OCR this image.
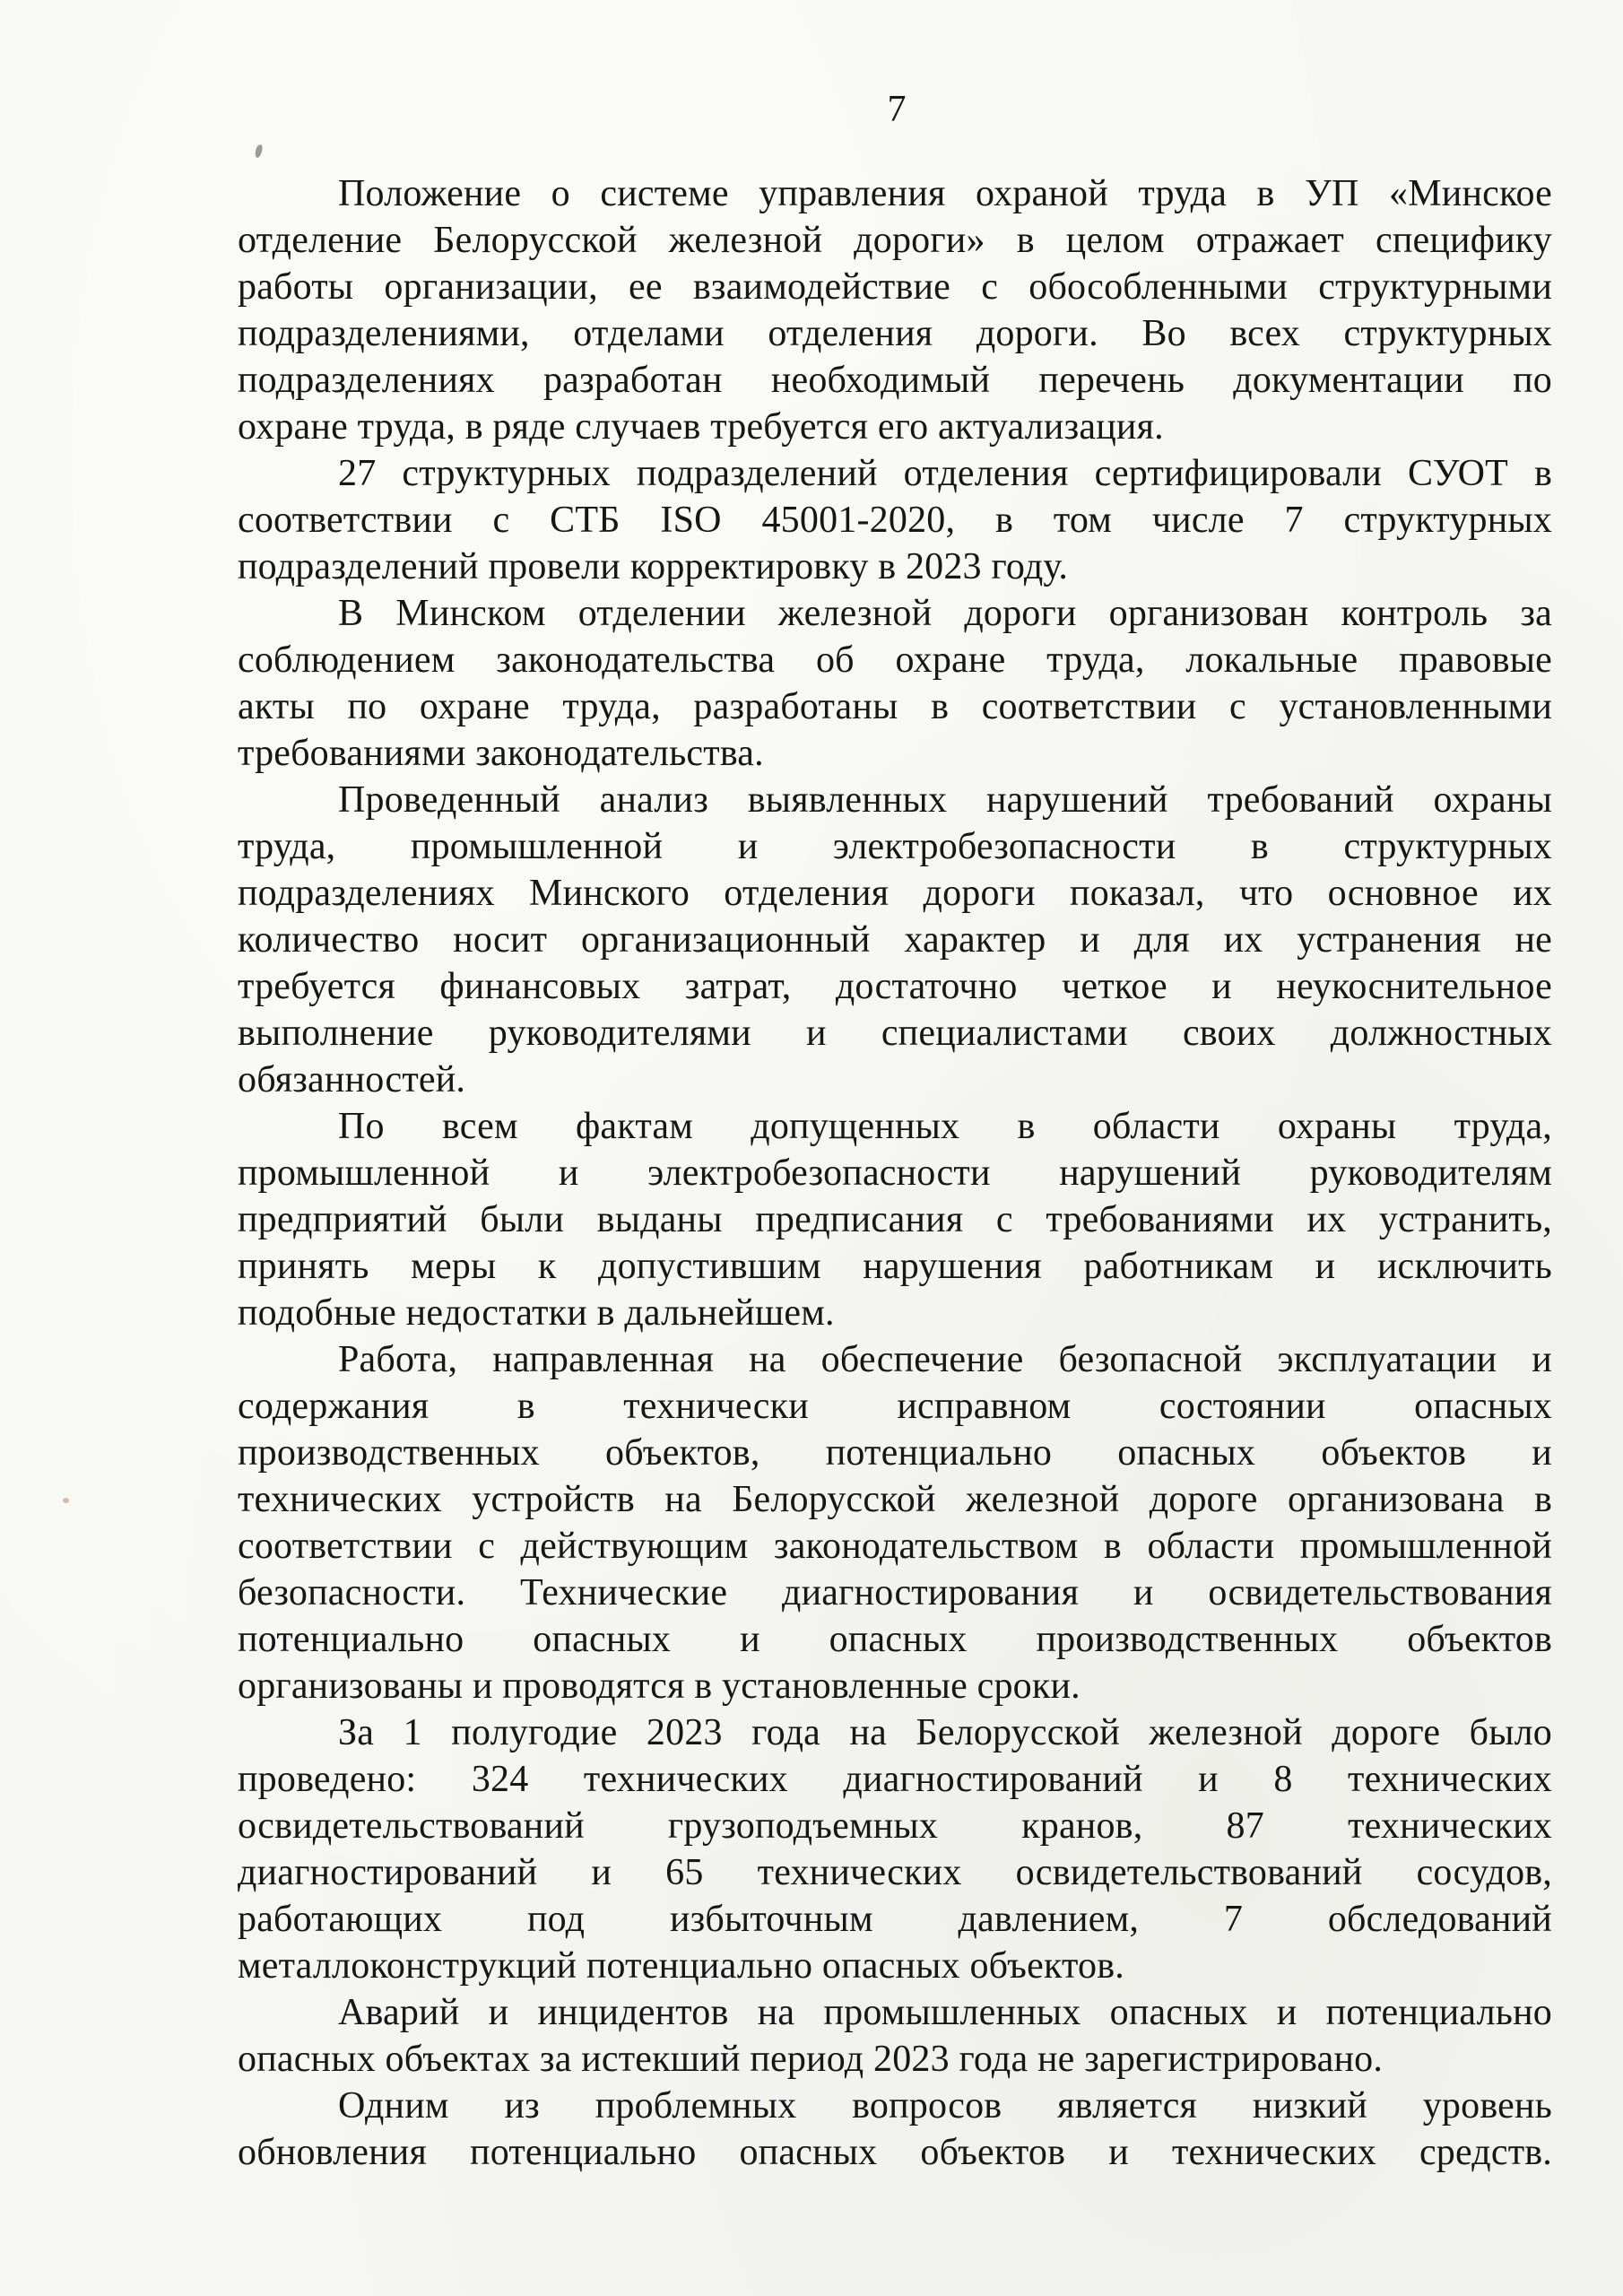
7
Положение о системе управления охраной труда в УП «Минское
отделение Белорусской железной дороги» в целом отражает специфику
работы организации, ее взаимодействие с обособленными структурными
подразделениями, отделами отделения дороги. Во всех структурных
подразделениях разработан необходимый перечень документации по
охране труда, в ряде случаев требуется его актуализация.
27 структурных подразделений отделения сертифицировали СУОТ в
соответствии с СТБ ISO 45001-2020, в том числе 7 структурных
подразделений провели корректировку в 2023 году.
В Минском отделении железной дороги организован контроль за
соблюдением законодательства об охране труда, локальные правовые
акты по охране труда, разработаны в соответствии с установленными
требованиями законодательства.
Проведенный анализ выявленных нарушений требований охраны
труда, промышленной и электробезопасности в структурных
подразделениях Минского отделения дороги показал, что основное их
количество носит организационный характер и для их устранения не
требуется финансовых затрат, достаточно четкое и неукоснительное
выполнение руководителями и специалистами своих должностных
обязанностей.
По всем фактам допущенных в области охраны труда,
промышленной и электробезопасности нарушений руководителям
предприятий были выданы предписания с требованиями их устранить,
принять меры к допустившим нарушения работникам и исключить
подобные недостатки в дальнейшем.
Работа, направленная на обеспечение безопасной эксплуатации и
содержания в технически исправном состоянии опасных
производственных объектов, потенциально опасных объектов и
технических устройств на Белорусской железной дороге организована в
соответствии с действующим законодательством в области промышленной
безопасности. Технические диагностирования и освидетельствования
потенциально опасных и опасных производственных объектов
организованы и проводятся в установленные сроки.
За 1 полугодие 2023 года на Белорусской железной дороге было
проведено: 324 технических диагностирований и 8 технических
освидетельствований грузоподъемных кранов, 87 технических
диагностирований и 65 технических освидетельствований сосудов,
работающих под избыточным давлением, 7 обследований
металлоконструкций потенциально опасных объектов.
Аварий и инцидентов на промышленных опасных и потенциально
опасных объектах за истекший период 2023 года не зарегистрировано.
Одним из проблемных вопросов является низкий уровень
обновления потенциально опасных объектов и технических средств.
